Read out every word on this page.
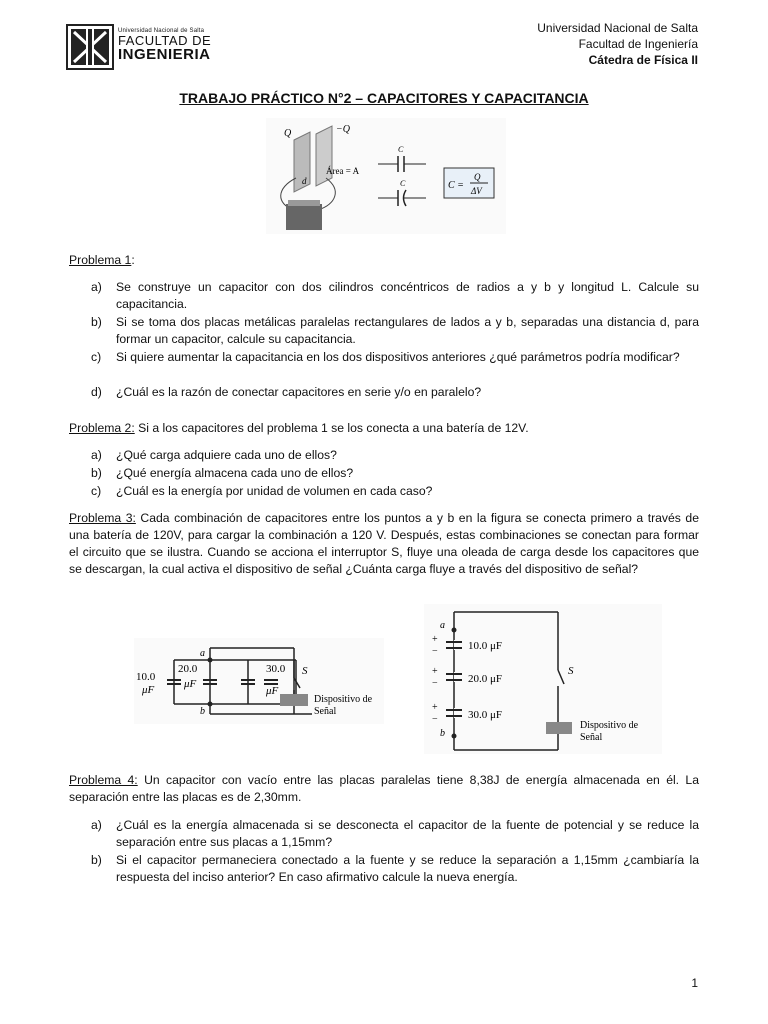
Universidad Nacional de Salta
FACULTAD DE
INGENIERIA
Universidad Nacional de Salta
Facultad de Ingeniería
Cátedra de Física II
TRABAJO PRÁCTICO N°2 – CAPACITORES Y CAPACITANCIA
Q	−Q
Área = A
d
C
C	C =
Q
ΔV
Problema 1:
a) Se construye un capacitor con dos cilindros concéntricos de radios a y b y longitud L. Calcule su capacitancia.
b) Si se toma dos placas metálicas paralelas rectangulares de lados a y b, separadas una distancia d, para formar un capacitor, calcule su capacitancia.
c) Si quiere aumentar la capacitancia en los dos dispositivos anteriores ¿qué parámetros podría modificar?
d) ¿Cuál es la razón de conectar capacitores en serie y/o en paralelo?
Problema 2: Si a los capacitores del problema 1 se los conecta a una batería de 12V.
a) ¿Qué carga adquiere cada uno de ellos?
b) ¿Qué energía almacena cada uno de ellos?
c) ¿Cuál es la energía por unidad de volumen en cada caso?
Problema 3: Cada combinación de capacitores entre los puntos a y b en la figura se conecta primero a través de una batería de 120V, para cargar la combinación a 120 V. Después, estas combinaciones se conectan para formar el circuito que se ilustra. Cuando se acciona el interruptor S, fluye una oleada de carga desde los capacitores que se descargan, la cual activa el dispositivo de señal ¿Cuánta carga fluye a través del dispositivo de señal?
a
b
10.0
μF
20.0
μF
30.0
μF
S
Dispositivo de
Señal
a
b
+
−
+
−
+
−
10.0 μF
20.0 μF
30.0 μF
S
Dispositivo de
Señal
Problema 4: Un capacitor con vacío entre las placas paralelas tiene 8,38J de energía almacenada en él. La separación entre las placas es de 2,30mm.
a) ¿Cuál es la energía almacenada si se desconecta el capacitor de la fuente de potencial y se reduce la separación entre sus placas a 1,15mm?
b) Si el capacitor permaneciera conectado a la fuente y se reduce la separación a 1,15mm ¿cambiaría la respuesta del inciso anterior? En caso afirmativo calcule la nueva energía.
1
